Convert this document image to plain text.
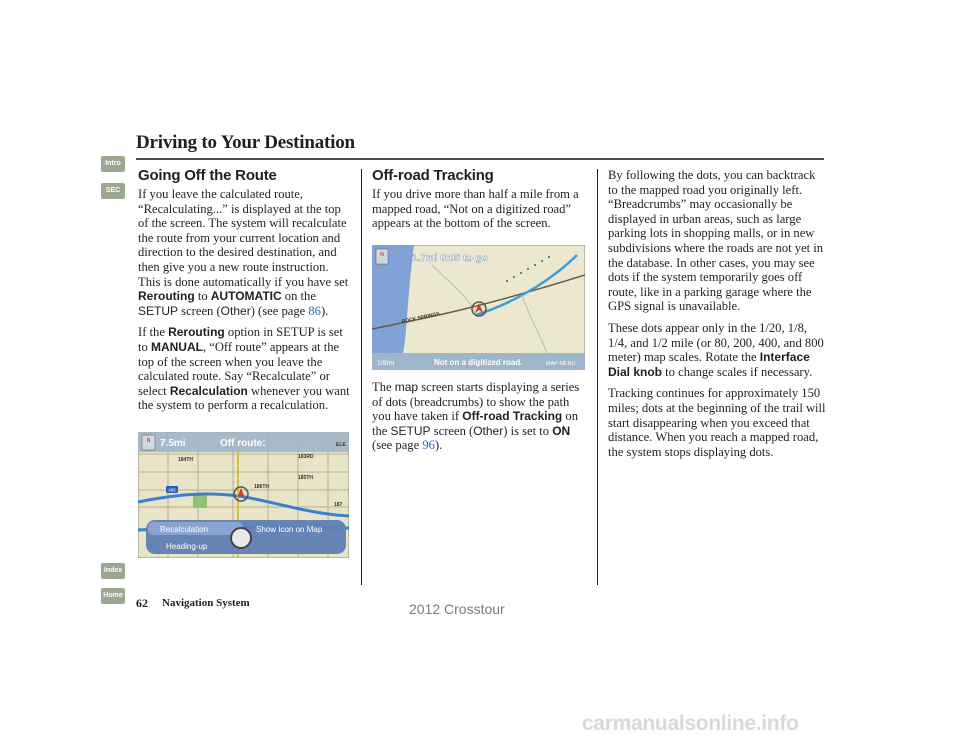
Driving to Your Destination
Intro
SEC
Index
Home
Going Off the Route

If you leave the calculated route, “Recalculating...” is displayed at the top of the screen. The system will recalculate the route from your current location and direction to the desired destination, and then give you a new route instruction. This is done automatically if you have set Rerouting to AUTOMATIC on the SETUP screen (Other) (see page 86).

If the Rerouting option in SETUP is set to MANUAL, “Off route” appears at the top of the screen when you leave the calculated route. Say “Recalculate” or select Recalculation whenever you want the system to perform a recalculation.

N 7.5mi	Off route:
184TH	183RD
185TH
186TH
187
ELE
495
Recalculation	Show Icon on Map
Heading-up
Off-road Tracking

If you drive more than half a mile from a mapped road, “Not on a digitized road” appears at the bottom of the screen.

ROCK SPRINGS
N	1.7mi 0:05 to go
1/8mi	Not on a digitized road.	MAP MENU

The map screen starts displaying a series of dots (breadcrumbs) to show the path you have taken if Off-road Tracking on the SETUP screen (Other) is set to ON (see page 96).

By following the dots, you can backtrack to the mapped road you originally left. “Breadcrumbs” may occasionally be displayed in urban areas, such as large parking lots in shopping malls, or in new subdivisions where the roads are not yet in the database. In other cases, you may see dots if the system temporarily goes off route, like in a parking garage where the GPS signal is unavailable.

These dots appear only in the 1/20, 1/8, 1/4, and 1/2 mile (or 80, 200, 400, and 800 meter) map scales. Rotate the Interface Dial knob to change scales if necessary.

Tracking continues for approximately 150 miles; dots at the beginning of the trail will start disappearing when you exceed that distance. When you reach a mapped road, the system stops displaying dots.

62 Navigation System	2012 Crosstour
carmanualsonline.info
